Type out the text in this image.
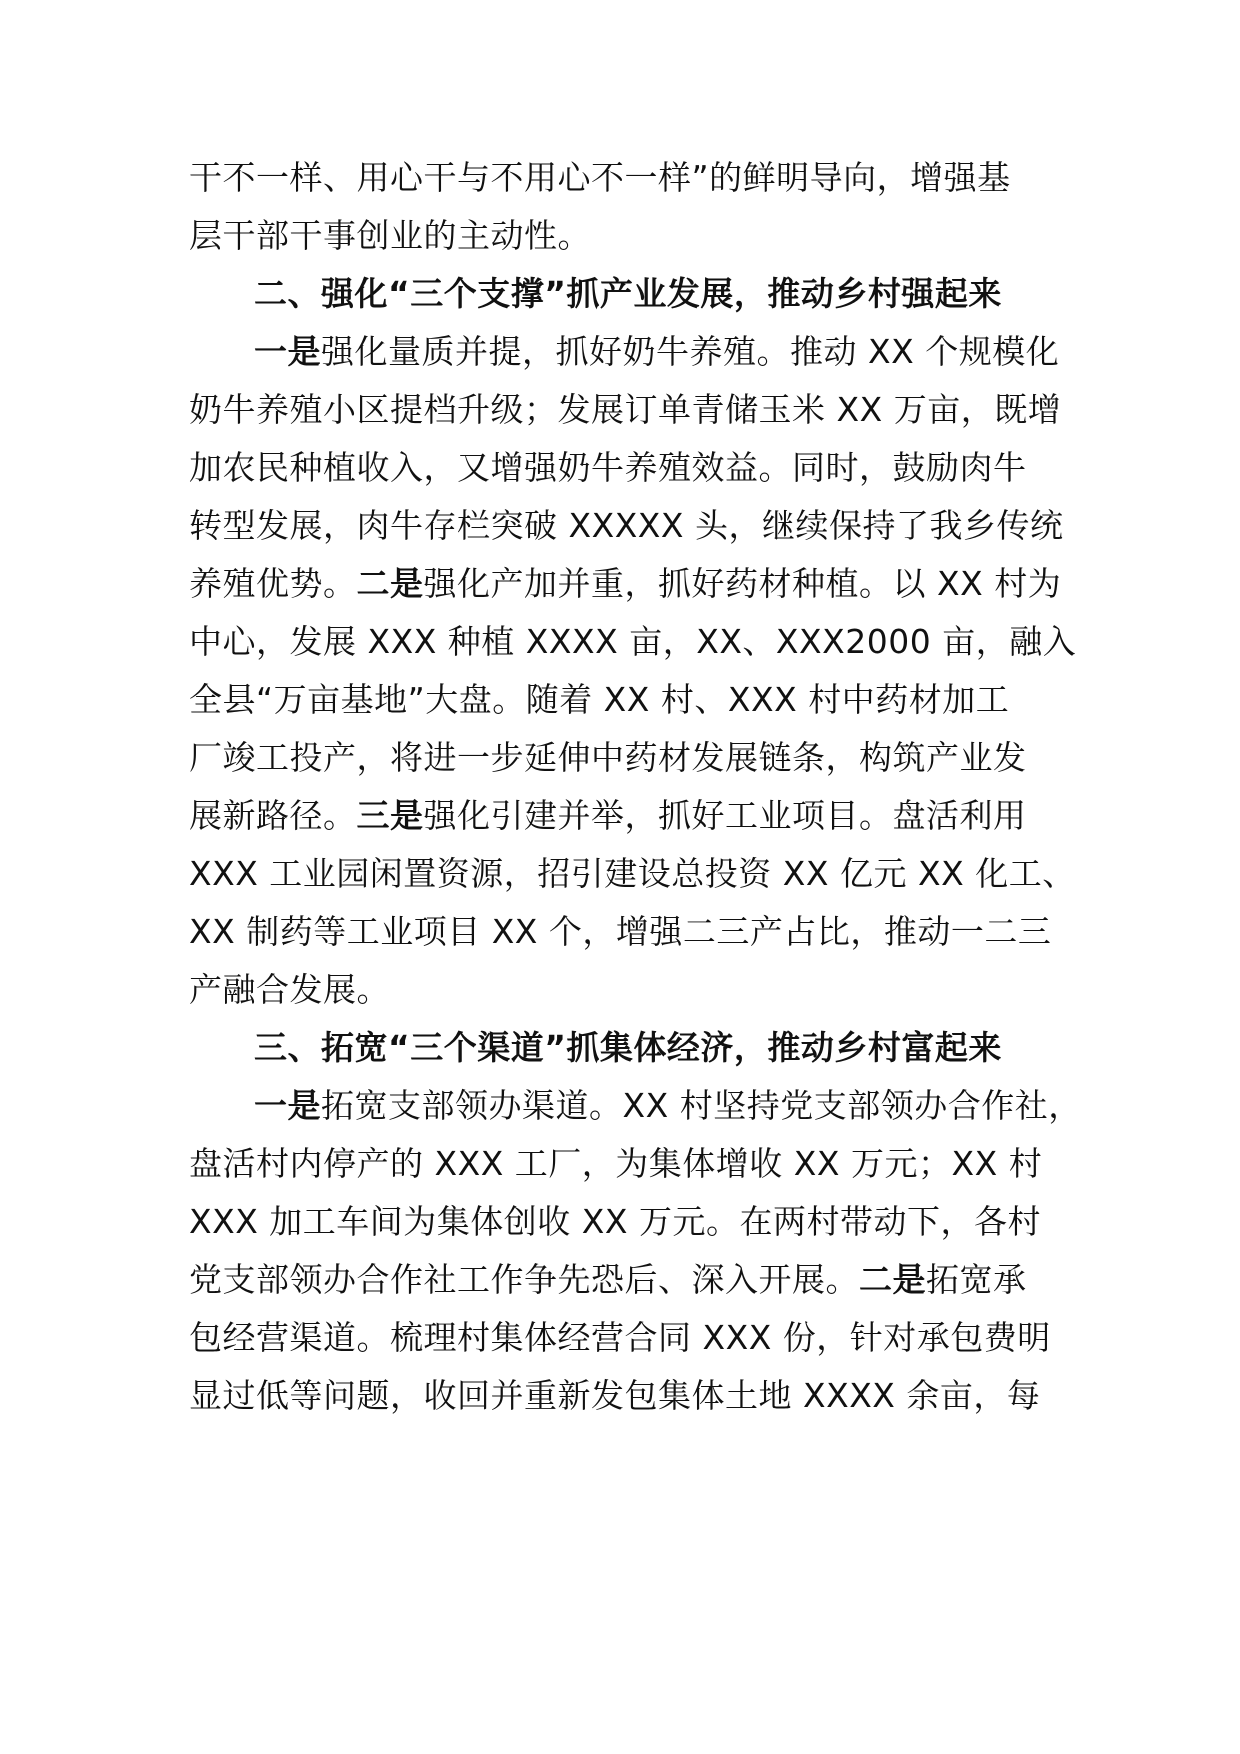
干不一样、用心干与不用心不一样”的鲜明导向，增强基
层干部干事创业的主动性。
二、强化“三个支撑”抓产业发展，推动乡村强起来
一是强化量质并提，抓好奶牛养殖。推动 XX 个规模化
奶牛养殖小区提档升级；发展订单青储玉米 XX 万亩，既增
加农民种植收入，又增强奶牛养殖效益。同时，鼓励肉牛
转型发展，肉牛存栏突破 XXXXX 头，继续保持了我乡传统
养殖优势。二是强化产加并重，抓好药材种植。以 XX 村为
中心，发展 XXX 种植 XXXX 亩，XX、XXX2000 亩，融入
全县“万亩基地”大盘。随着 XX 村、XXX 村中药材加工
厂竣工投产，将进一步延伸中药材发展链条，构筑产业发
展新路径。三是强化引建并举，抓好工业项目。盘活利用
XXX 工业园闲置资源，招引建设总投资 XX 亿元 XX 化工、
XX 制药等工业项目 XX 个，增强二三产占比，推动一二三
产融合发展。
三、拓宽“三个渠道”抓集体经济，推动乡村富起来
一是拓宽支部领办渠道。XX 村坚持党支部领办合作社，
盘活村内停产的 XXX 工厂，为集体增收 XX 万元；XX 村
XXX 加工车间为集体创收 XX 万元。在两村带动下，各村
党支部领办合作社工作争先恐后、深入开展。二是拓宽承
包经营渠道。梳理村集体经营合同 XXX 份，针对承包费明
显过低等问题，收回并重新发包集体土地 XXXX 余亩，每
